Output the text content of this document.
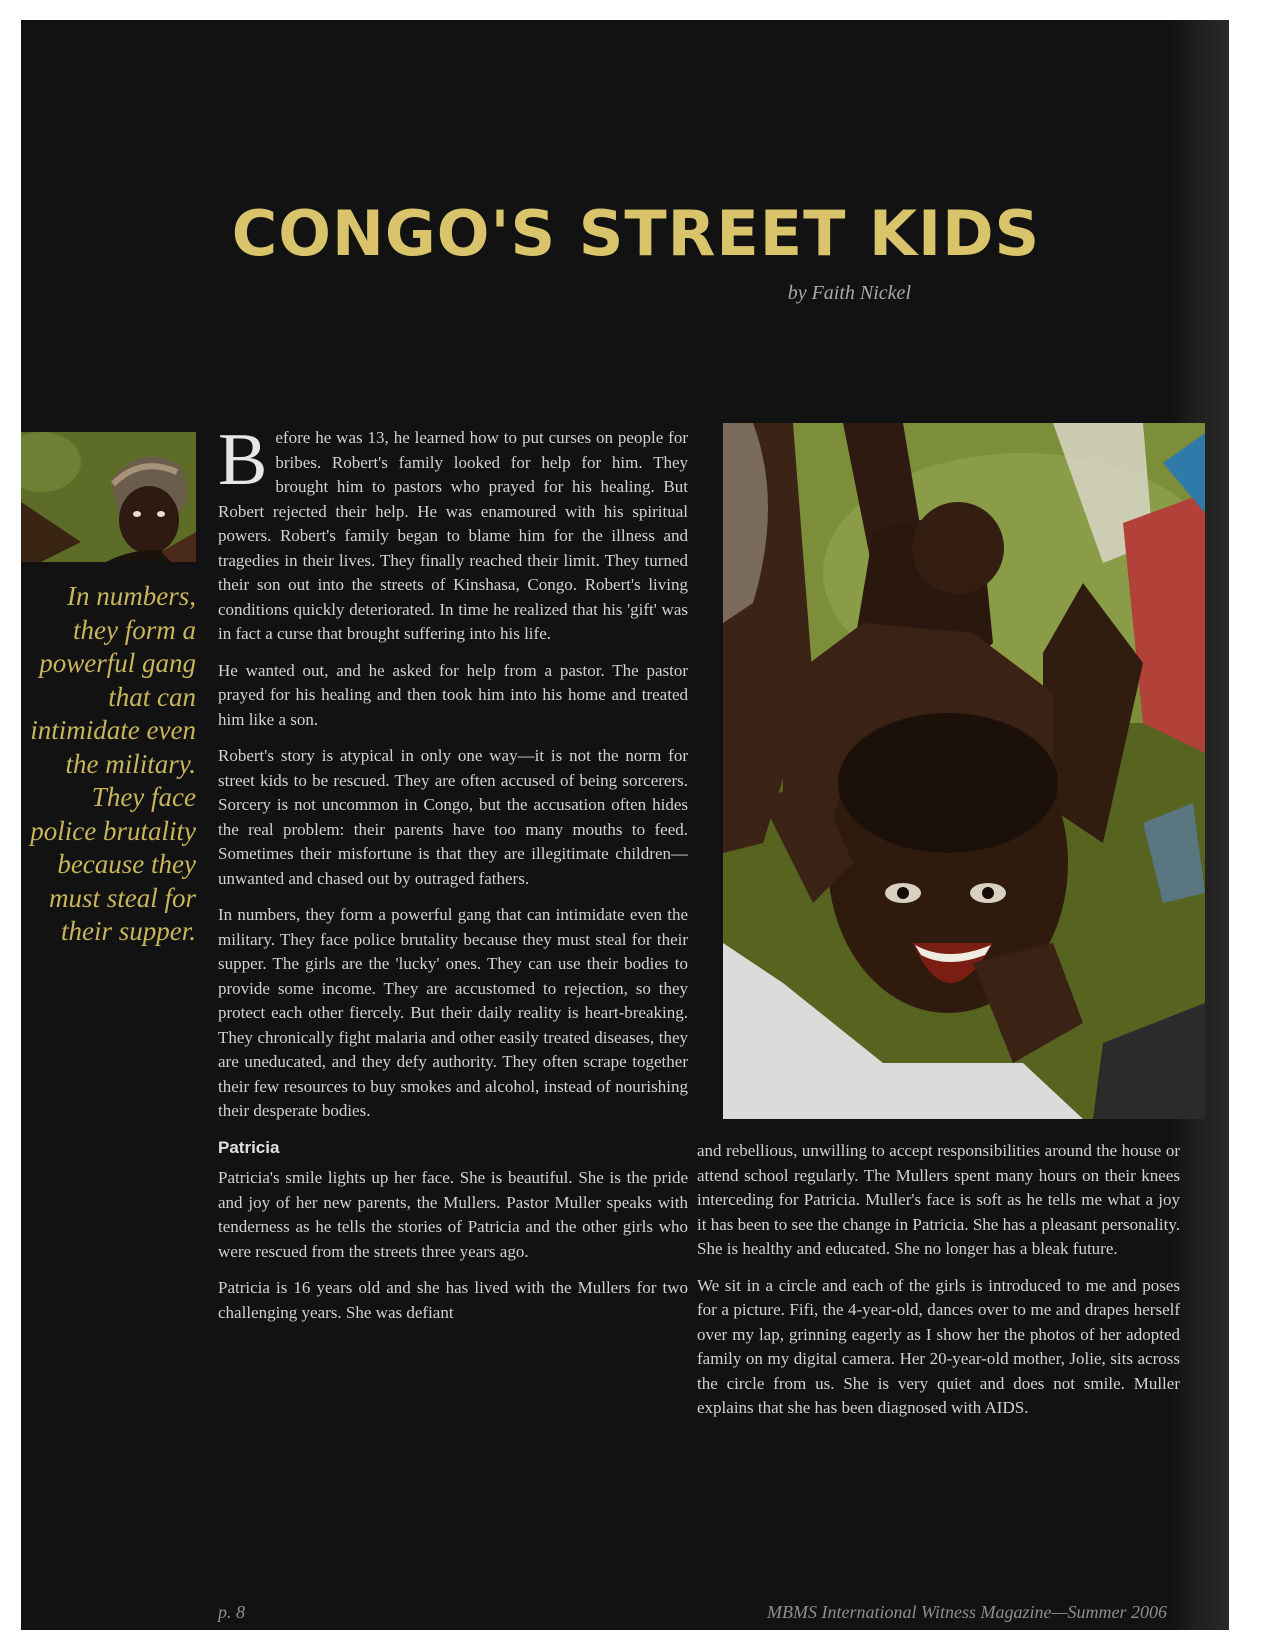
CONGO'S STREET KIDS
by Faith Nickel
In numbers, they form a powerful gang that can intimidate even the military. They face police brutality because they must steal for their supper.

Before he was 13, he learned how to put curses on people for bribes. Robert's family looked for help for him. They brought him to pastors who prayed for his healing. But Robert rejected their help. He was enamoured with his spiritual powers. Robert's family began to blame him for the illness and tragedies in their lives. They finally reached their limit. They turned their son out into the streets of Kinshasa, Congo. Robert's living conditions quickly deteriorated. In time he realized that his 'gift' was in fact a curse that brought suffering into his life.

He wanted out, and he asked for help from a pastor. The pastor prayed for his healing and then took him into his home and treated him like a son.

Robert's story is atypical in only one way—it is not the norm for street kids to be rescued. They are often accused of being sorcerers. Sorcery is not uncommon in Congo, but the accusation often hides the real problem: their parents have too many mouths to feed. Sometimes their misfortune is that they are illegitimate children—unwanted and chased out by outraged fathers.

In numbers, they form a powerful gang that can intimidate even the military. They face police brutality because they must steal for their supper. The girls are the 'lucky' ones. They can use their bodies to provide some income. They are accustomed to rejection, so they protect each other fiercely. But their daily reality is heart-breaking. They chronically fight malaria and other easily treated diseases, they are uneducated, and they defy authority. They often scrape together their few resources to buy smokes and alcohol, instead of nourishing their desperate bodies.

Patricia

Patricia's smile lights up her face. She is beautiful. She is the pride and joy of her new parents, the Mullers. Pastor Muller speaks with tenderness as he tells the stories of Patricia and the other girls who were rescued from the streets three years ago.

Patricia is 16 years old and she has lived with the Mullers for two challenging years. She was defiant

and rebellious, unwilling to accept responsibilities around the house or attend school regularly. The Mullers spent many hours on their knees interceding for Patricia. Muller's face is soft as he tells me what a joy it has been to see the change in Patricia. She has a pleasant personality. She is healthy and educated. She no longer has a bleak future.

We sit in a circle and each of the girls is introduced to me and poses for a picture. Fifi, the 4-year-old, dances over to me and drapes herself over my lap, grinning eagerly as I show her the photos of her adopted family on my digital camera. Her 20-year-old mother, Jolie, sits across the circle from us. She is very quiet and does not smile. Muller explains that she has been diagnosed with AIDS.

p. 8	MBMS International Witness Magazine—Summer 2006
